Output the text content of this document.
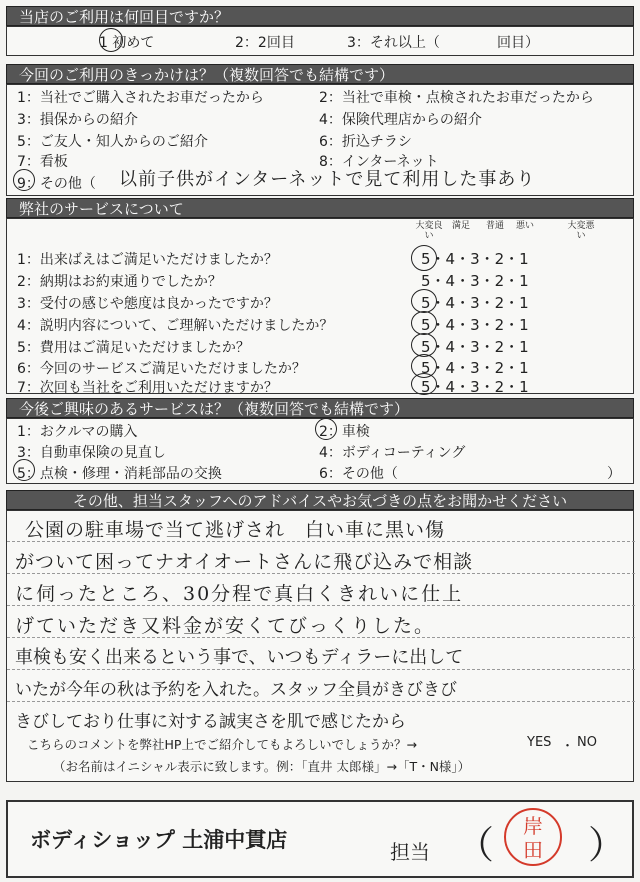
当店のご利用は何回目ですか？
1 初めて	2：2回目	3：それ以上（	回目）
今回のご利用のきっかけは？（複数回答でも結構です）
1：当社でご購入されたお車だったから	2：当社で車検・点検されたお車だったから
3：損保からの紹介	4：保険代理店からの紹介
5：ご友人・知人からのご紹介	6：折込チラシ
7：看板	8：インターネット
9：その他（ 以前子供がインターネットで見て利用した事あり
弊社のサービスについて
大変良い
満足	普通	悪い	大変悪い
1：出来ばえはご満足いただけましたか？	5・4・3・2・1
2：納期はお約束通りでしたか？	5・4・3・2・1
3：受付の感じや態度は良かったですか？	5・4・3・2・1
4：説明内容について、ご理解いただけましたか？	5・4・3・2・1
5：費用はご満足いただけましたか？	5・4・3・2・1
6：今回のサービスご満足いただけましたか？	5・4・3・2・1
7：次回も当社をご利用いただけますか？	5・4・3・2・1
今後ご興味のあるサービスは？（複数回答でも結構です）
1：おクルマの購入	2：車検
3：自動車保険の見直し	4：ボディコーティング
5：点検・修理・消耗部品の交換	6：その他（	）
その他、担当スタッフへのアドバイスやお気づきの点をお聞かせください
公園の駐車場で当て逃げされ　白い車に黒い傷
がついて困ってナオイオートさんに飛び込みで相談
に伺ったところ、30分程で真白くきれいに仕上
げていただき又料金が安くてびっくりした。
車検も安く出来るという事で、いつもディラーに出して
いたが今年の秋は予約を入れた。スタッフ全員がきびきび
きびしており仕事に対する誠実さを肌で感じたから
こちらのコメントを弊社HP上でご紹介してもよろしいでしょうか？→	YES ・ NO
（お名前はイニシャル表示に致します。例：「直井 太郎様」→「T・N様」）
ボディショップ 土浦中貫店	担当 （	岸
田	）
